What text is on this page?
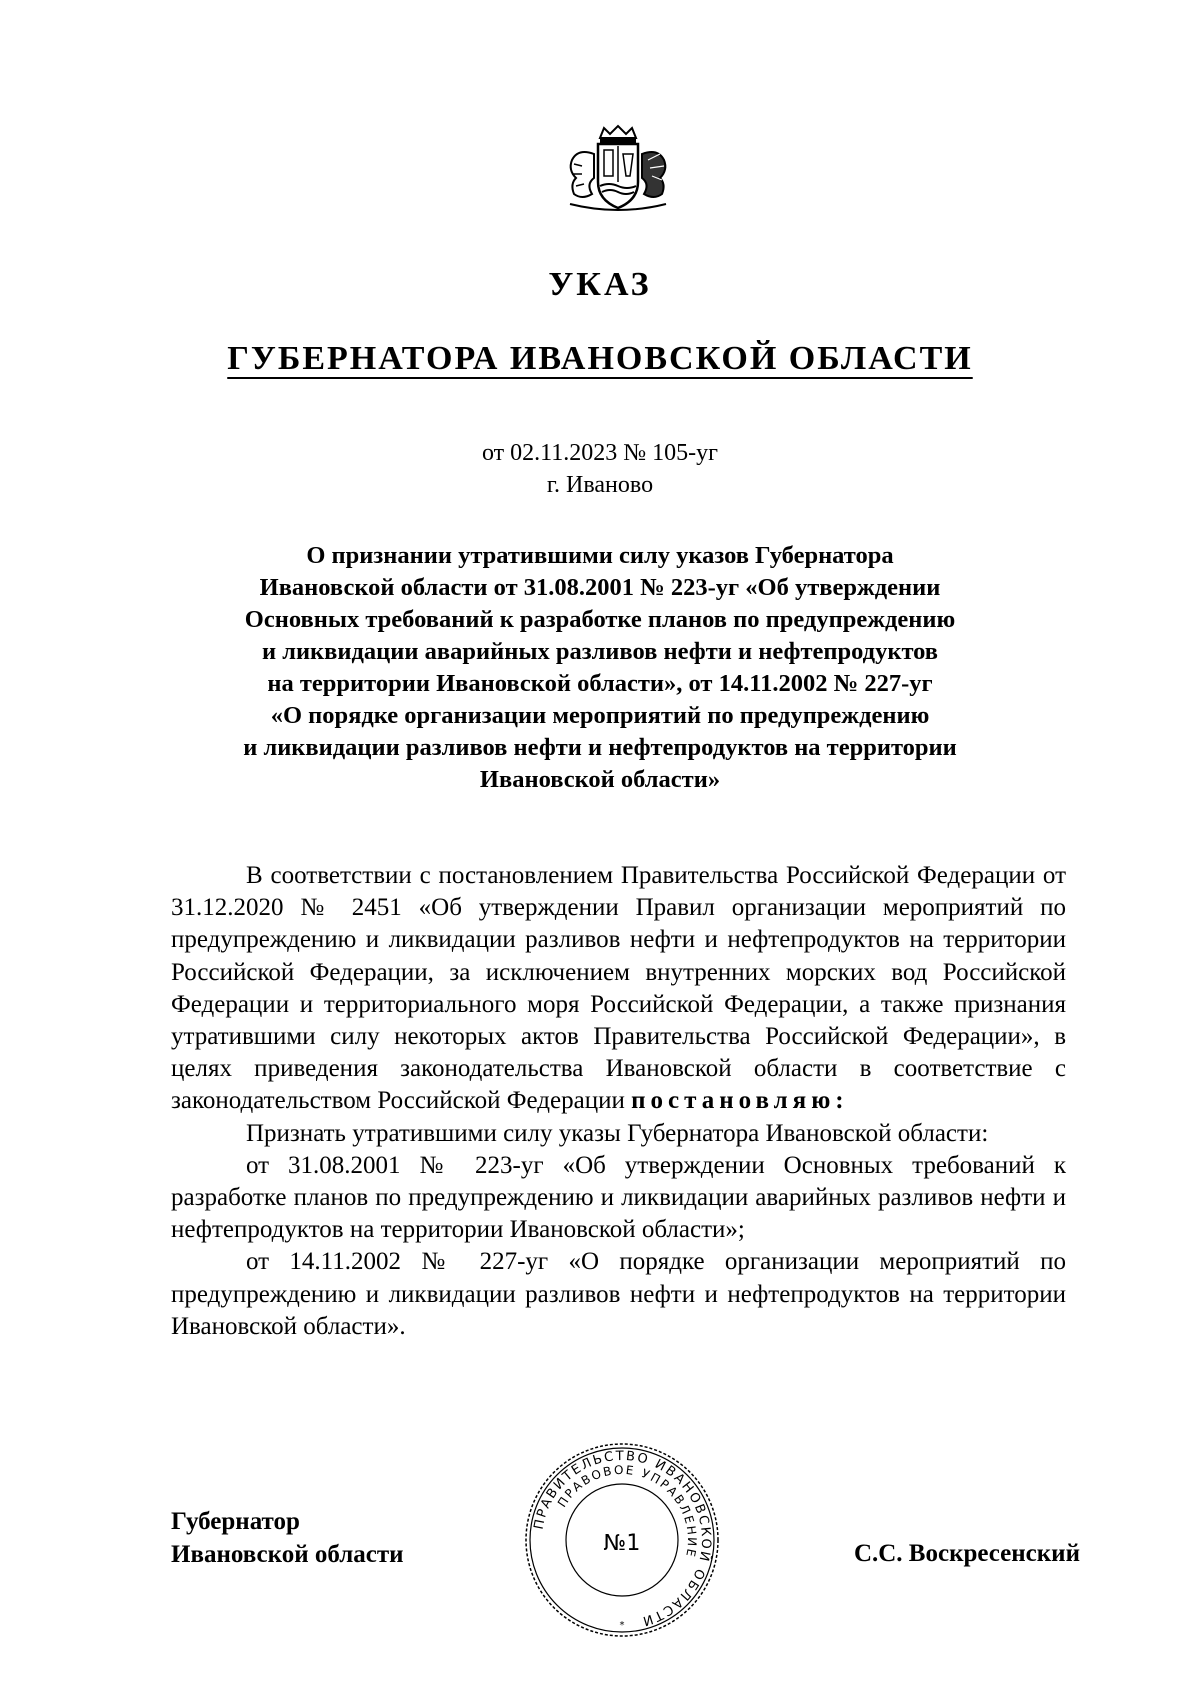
УКАЗ
ГУБЕРНАТОРА ИВАНОВСКОЙ ОБЛАСТИ
от 02.11.2023 № 105-уг
г. Иваново
О признании утратившими силу указов Губернатора
Ивановской области от 31.08.2001 № 223-уг «Об утверждении
Основных требований к разработке планов по предупреждению
и ликвидации аварийных разливов нефти и нефтепродуктов
на территории Ивановской области», от 14.11.2002 № 227-уг
«О порядке организации мероприятий по предупреждению
и ликвидации разливов нефти и нефтепродуктов на территории
Ивановской области»

В соответствии с постановлением Правительства Российской Федерации от 31.12.2020 № 2451 «Об утверждении Правил организации мероприятий по предупреждению и ликвидации разливов нефти и нефтепродуктов на территории Российской Федерации, за исключением внутренних морских вод Российской Федерации и территориального моря Российской Федерации, а также признания утратившими силу некоторых актов Правительства Российской Федерации», в целях приведения законодательства Ивановской области в соответствие с законодательством Российской Федерации постановляю:

Признать утратившими силу указы Губернатора Ивановской области:

от 31.08.2001 № 223-уг «Об утверждении Основных требований к разработке планов по предупреждению и ликвидации аварийных разливов нефти и нефтепродуктов на территории Ивановской области»;

от 14.11.2002 № 227-уг «О порядке организации мероприятий по предупреждению и ликвидации разливов нефти и нефтепродуктов на территории Ивановской области».

Губернатор
Ивановской области	С.С. Воскресенский
ПРАВИТЕЛЬСТВО ИВАНОВСКОЙ ОБЛАСТИ
ПРАВОВОЕ УПРАВЛЕНИЕ
№1
*
